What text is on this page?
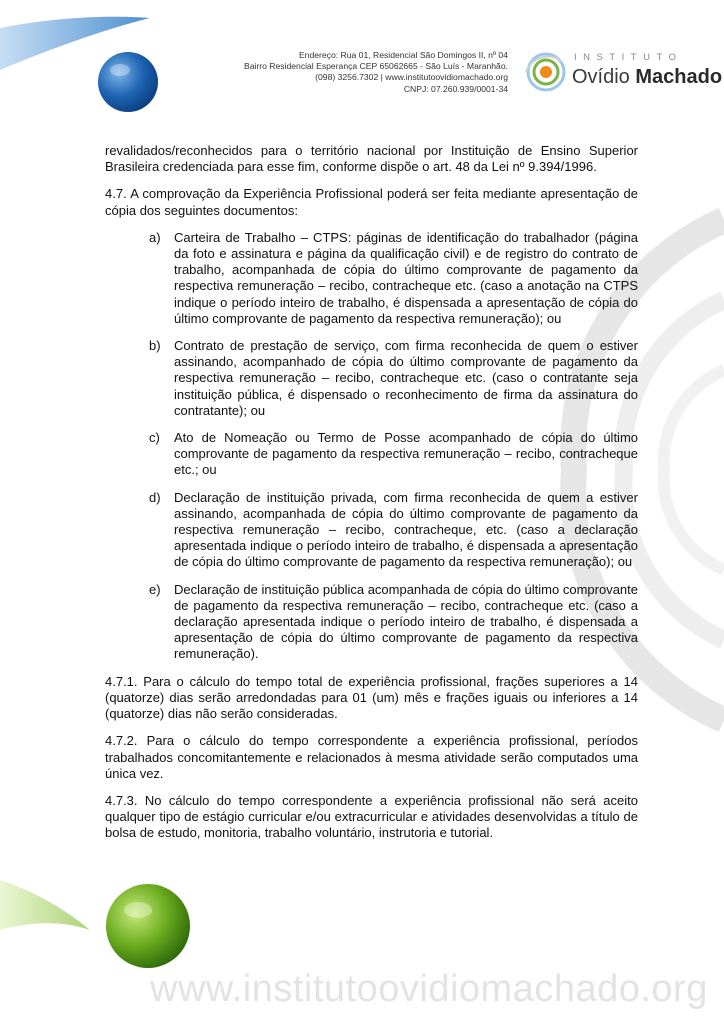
Endereço: Rua 01, Residencial São Domingos II, nº 04
Bairro Residencial Esperança CEP 65062665 - São Luís - Maranhão.
(098) 3256.7302 | www.institutoovidiomachado.org
CNPJ: 07.260.939/0001-34
INSTITUTO
Ovídio Machado

revalidados/reconhecidos para o território nacional por Instituição de Ensino Superior Brasileira credenciada para esse fim, conforme dispõe o art. 48 da Lei nº 9.394/1996.

4.7. A comprovação da Experiência Profissional poderá ser feita mediante apresentação de cópia dos seguintes documentos:

a) Carteira de Trabalho – CTPS: páginas de identificação do trabalhador (página da foto e assinatura e página da qualificação civil) e de registro do contrato de trabalho, acompanhada de cópia do último comprovante de pagamento da respectiva remuneração – recibo, contracheque etc. (caso a anotação na CTPS indique o período inteiro de trabalho, é dispensada a apresentação de cópia do último comprovante de pagamento da respectiva remuneração); ou

b) Contrato de prestação de serviço, com firma reconhecida de quem o estiver assinando, acompanhado de cópia do último comprovante de pagamento da respectiva remuneração – recibo, contracheque etc. (caso o contratante seja instituição pública, é dispensado o reconhecimento de firma da assinatura do contratante); ou

c) Ato de Nomeação ou Termo de Posse acompanhado de cópia do último comprovante de pagamento da respectiva remuneração – recibo, contracheque etc.; ou

d) Declaração de instituição privada, com firma reconhecida de quem a estiver assinando, acompanhada de cópia do último comprovante de pagamento da respectiva remuneração – recibo, contracheque, etc. (caso a declaração apresentada indique o período inteiro de trabalho, é dispensada a apresentação de cópia do último comprovante de pagamento da respectiva remuneração); ou

e) Declaração de instituição pública acompanhada de cópia do último comprovante de pagamento da respectiva remuneração – recibo, contracheque etc. (caso a declaração apresentada indique o período inteiro de trabalho, é dispensada a apresentação de cópia do último comprovante de pagamento da respectiva remuneração).

4.7.1. Para o cálculo do tempo total de experiência profissional, frações superiores a 14 (quatorze) dias serão arredondadas para 01 (um) mês e frações iguais ou inferiores a 14 (quatorze) dias não serão consideradas.

4.7.2. Para o cálculo do tempo correspondente a experiência profissional, períodos trabalhados concomitantemente e relacionados à mesma atividade serão computados uma única vez.

4.7.3. No cálculo do tempo correspondente a experiência profissional não será aceito qualquer tipo de estágio curricular e/ou extracurricular e atividades desenvolvidas a título de bolsa de estudo, monitoria, trabalho voluntário, instrutoria e tutorial.

www.institutoovidiomachado.org
